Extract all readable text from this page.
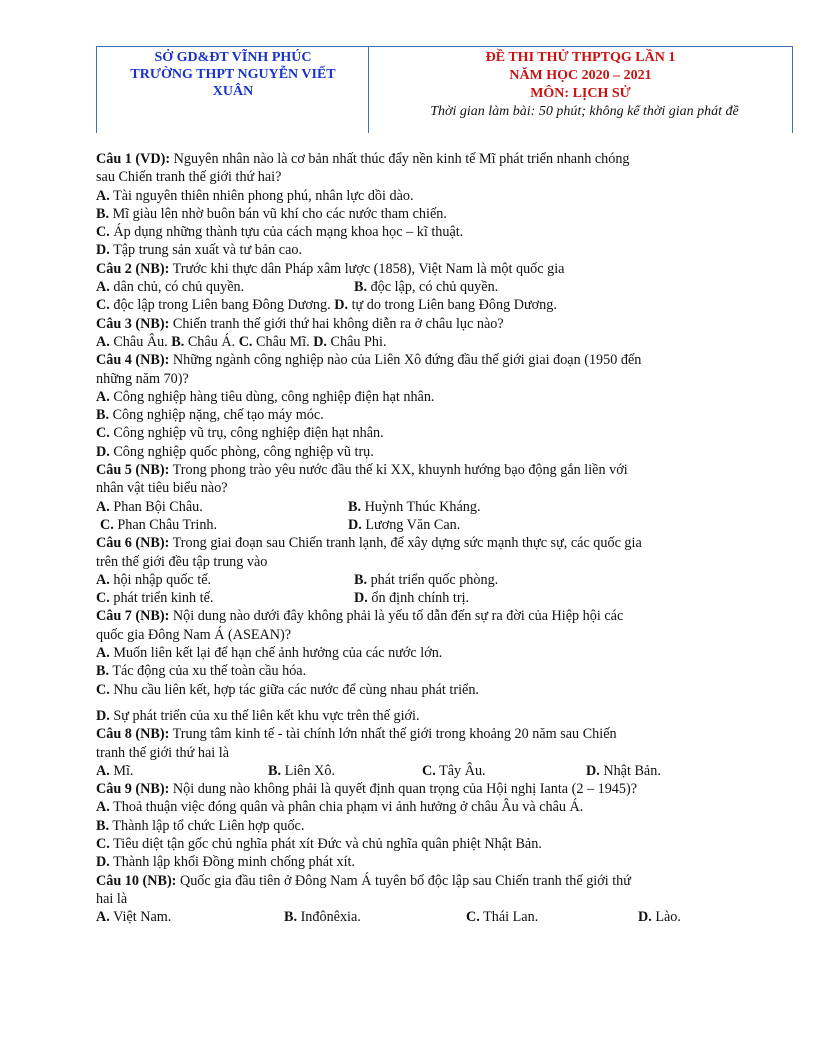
SỞ GD&ĐT VĨNH PHÚC
TRƯỜNG THPT NGUYỄN VIẾT
XUÂN
ĐỀ THI THỬ THPTQG LẦN 1
NĂM HỌC 2020 – 2021
MÔN: LỊCH SỬ
Thời gian làm bài: 50 phút; không kể thời gian phát đề
Câu 1 (VD): Nguyên nhân nào là cơ bản nhất thúc đẩy nền kinh tế Mĩ phát triển nhanh chóng
sau Chiến tranh thế giới thứ hai?
A. Tài nguyên thiên nhiên phong phú, nhân lực dồi dào.
B. Mĩ giàu lên nhờ buôn bán vũ khí cho các nước tham chiến.
C. Áp dụng những thành tựu của cách mạng khoa học – kĩ thuật.
D. Tập trung sản xuất và tư bản cao.
Câu 2 (NB): Trước khi thực dân Pháp xâm lược (1858), Việt Nam là một quốc gia
A. dân chủ, có chủ quyền.	B. độc lập, có chủ quyền.
C. độc lập trong Liên bang Đông Dương. D. tự do trong Liên bang Đông Dương.
Câu 3 (NB): Chiến tranh thế giới thứ hai không diễn ra ở châu lục nào?
A. Châu Âu. B. Châu Á. C. Châu Mĩ. D. Châu Phi.
Câu 4 (NB): Những ngành công nghiệp nào của Liên Xô đứng đầu thế giới giai đoạn (1950 đến
những năm 70)?
A. Công nghiệp hàng tiêu dùng, công nghiệp điện hạt nhân.
B. Công nghiệp nặng, chế tạo máy móc.
C. Công nghiệp vũ trụ, công nghiệp điện hạt nhân.
D. Công nghiệp quốc phòng, công nghiệp vũ trụ.
Câu 5 (NB): Trong phong trào yêu nước đầu thế kỉ XX, khuynh hướng bạo động gắn liền với
nhân vật tiêu biểu nào?
A. Phan Bội Châu.	B. Huỳnh Thúc Kháng.
C. Phan Châu Trinh.	D. Lương Văn Can.
Câu 6 (NB): Trong giai đoạn sau Chiến tranh lạnh, để xây dựng sức mạnh thực sự, các quốc gia
trên thế giới đều tập trung vào
A. hội nhập quốc tế.	B. phát triển quốc phòng.
C. phát triển kinh tế.	D. ổn định chính trị.
Câu 7 (NB): Nội dung nào dưới đây không phải là yếu tố dẫn đến sự ra đời của Hiệp hội các
quốc gia Đông Nam Á (ASEAN)?
A. Muốn liên kết lại để hạn chế ảnh hưởng của các nước lớn.
B. Tác động của xu thế toàn cầu hóa.
C. Nhu cầu liên kết, hợp tác giữa các nước để cùng nhau phát triển.
D. Sự phát triển của xu thế liên kết khu vực trên thế giới.
Câu 8 (NB): Trung tâm kinh tế - tài chính lớn nhất thế giới trong khoảng 20 năm sau Chiến
tranh thế giới thứ hai là
A. Mĩ.	B. Liên Xô.	C. Tây Âu.	D. Nhật Bản.
Câu 9 (NB): Nội dung nào không phải là quyết định quan trọng của Hội nghị Ianta (2 – 1945)?
A. Thoả thuận việc đóng quân và phân chia phạm vi ảnh hưởng ở châu Âu và châu Á.
B. Thành lập tổ chức Liên hợp quốc.
C. Tiêu diệt tận gốc chủ nghĩa phát xít Đức và chủ nghĩa quân phiệt Nhật Bản.
D. Thành lập khối Đồng minh chống phát xít.
Câu 10 (NB): Quốc gia đầu tiên ở Đông Nam Á tuyên bố độc lập sau Chiến tranh thế giới thứ
hai là
A. Việt Nam.	B. Inđônêxia.	C. Thái Lan.	D. Lào.
